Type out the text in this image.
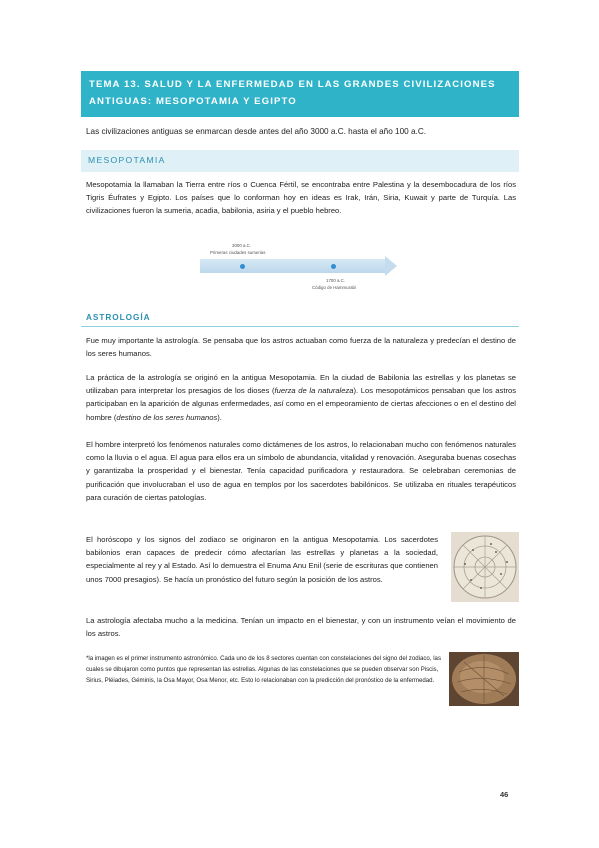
TEMA 13. SALUD Y LA ENFERMEDAD EN LAS GRANDES CIVILIZACIONES
ANTIGUAS: MESOPOTAMIA Y EGIPTO
Las civilizaciones antiguas se enmarcan desde antes del año 3000 a.C. hasta el año 100 a.C.
MESOPOTAMIA
Mesopotamia la llamaban la Tierra entre ríos o Cuenca Fértil, se encontraba entre Palestina y la desembocadura de los ríos Tigris Éufrates y Egipto. Los países que lo conforman hoy en ideas es Irak, Irán, Siria, Kuwait y parte de Turquía. Las civilizaciones fueron la sumeria, acadia, babilonia, asiria y el pueblo hebreo.
3000 a.C.
Primeras ciudades sumerias
1700 a.C.
Código de Hammurabi
ASTROLOGÍA
Fue muy importante la astrología. Se pensaba que los astros actuaban como fuerza de la naturaleza y predecían el destino de los seres humanos.
La práctica de la astrología se originó en la antigua Mesopotamia. En la ciudad de Babilonia las estrellas y los planetas se utilizaban para interpretar los presagios de los dioses (fuerza de la naturaleza). Los mesopotámicos pensaban que los astros participaban en la aparición de algunas enfermedades, así como en el empeoramiento de ciertas afecciones o en el destino del hombre (destino de los seres humanos).
El hombre interpretó los fenómenos naturales como dictámenes de los astros, lo relacionaban mucho con fenómenos naturales como la lluvia o el agua. El agua para ellos era un símbolo de abundancia, vitalidad y renovación. Aseguraba buenas cosechas y garantizaba la prosperidad y el bienestar. Tenía capacidad purificadora y restauradora. Se celebraban ceremonias de purificación que involucraban el uso de agua en templos por los sacerdotes babilónicos. Se utilizaba en rituales terapéuticos para curación de ciertas patologías.
El horóscopo y los signos del zodiaco se originaron en la antigua Mesopotamia. Los sacerdotes babilonios eran capaces de predecir cómo afectarían las estrellas y planetas a la sociedad, especialmente al rey y al Estado. Así lo demuestra el Enuma Anu Enil (serie de escrituras que contienen unos 7000 presagios). Se hacía un pronóstico del futuro según la posición de los astros.
La astrología afectaba mucho a la medicina. Tenían un impacto en el bienestar, y con un instrumento veían el movimiento de los astros.
*la imagen es el primer instrumento astronómico. Cada uno de los 8 sectores cuentan con constelaciones del signo del zodiaco, las cuales se dibujaron como puntos que representan las estrellas. Algunas de las constelaciones que se pueden observar son Piscis, Sirius, Pléiades, Géminis, la Osa Mayor, Osa Menor, etc. Esto lo relacionaban con la predicción del pronóstico de la enfermedad.
46
